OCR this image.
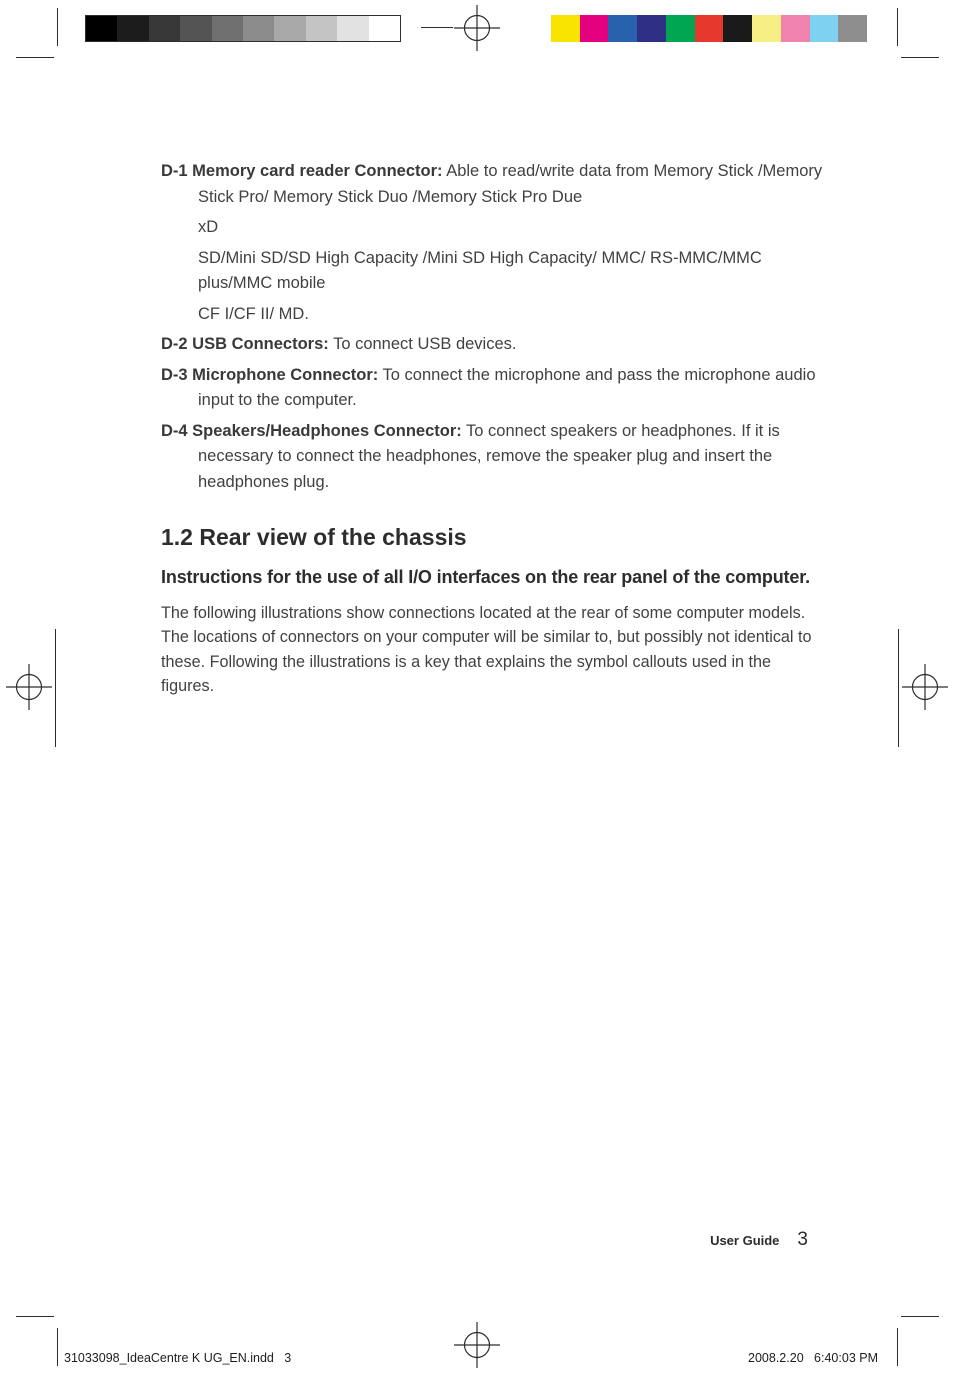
D-1 Memory card reader Connector: Able to read/write data from Memory Stick /Memory Stick Pro/ Memory Stick Duo /Memory Stick Pro Due

xD

SD/Mini SD/SD High Capacity /Mini SD High Capacity/ MMC/ RS-MMC/MMC plus/MMC mobile

CF I/CF II/ MD.

D-2 USB Connectors: To connect USB devices.

D-3 Microphone Connector: To connect the microphone and pass the microphone audio input to the computer.

D-4 Speakers/Headphones Connector: To connect speakers or headphones. If it is necessary to connect the headphones, remove the speaker plug and insert the headphones plug.

1.2 Rear view of the chassis

Instructions for the use of all I/O interfaces on the rear panel of the computer.

The following illustrations show connections located at the rear of some computer models. The locations of connectors on your computer will be similar to, but possibly not identical to these. Following the illustrations is a key that explains the symbol callouts used in the figures.

User Guide 3
31033098_IdeaCentre K UG_EN.indd   3	2008.2.20   6:40:03 PM
